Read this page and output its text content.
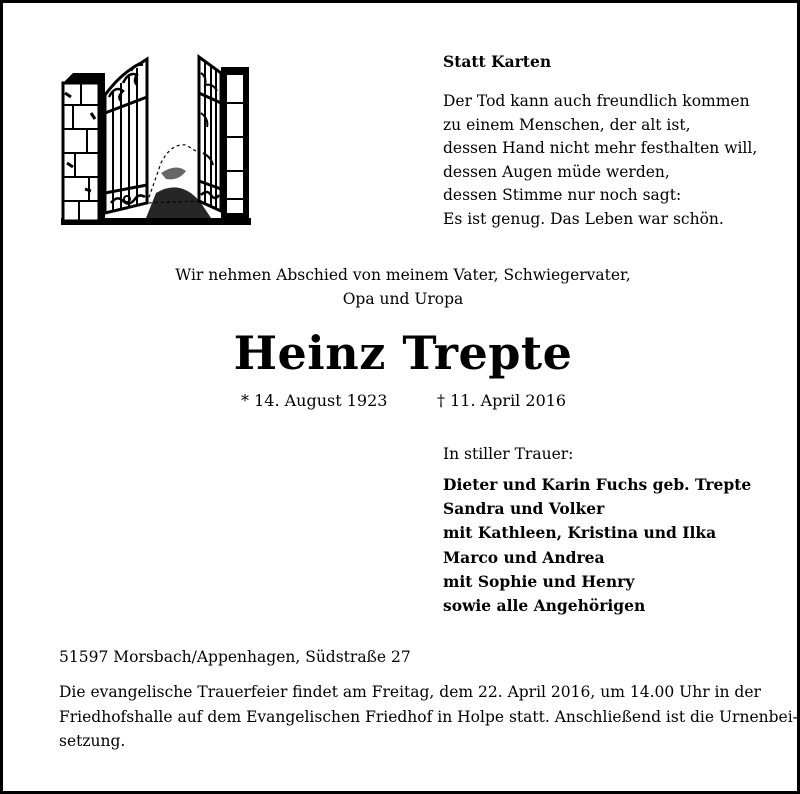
Statt Karten
Der Tod kann auch freundlich kommen
zu einem Menschen, der alt ist,
dessen Hand nicht mehr festhalten will,
dessen Augen müde werden,
dessen Stimme nur noch sagt:
Es ist genug. Das Leben war schön.
Wir nehmen Abschied von meinem Vater, Schwiegervater,
Opa und Uropa
Heinz Trepte
* 14. August 1923	† 11. April 2016
In stiller Trauer:
Dieter und Karin Fuchs geb. Trepte
Sandra und Volker
mit Kathleen, Kristina und Ilka
Marco und Andrea
mit Sophie und Henry
sowie alle Angehörigen
51597 Morsbach/Appenhagen, Südstraße 27
Die evangelische Trauerfeier findet am Freitag, dem 22. April 2016, um 14.00 Uhr in der
Friedhofshalle auf dem Evangelischen Friedhof in Holpe statt. Anschließend ist die Urnenbei-
setzung.
